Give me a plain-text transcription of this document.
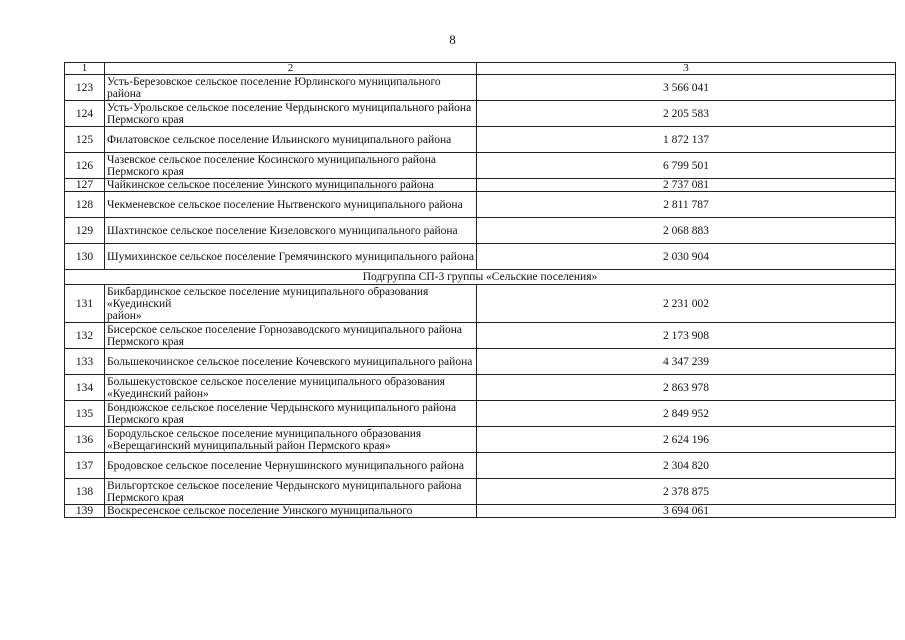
8
1	2	3
123	Усть-Березовское сельское поселение Юрлинского муниципального района	3 566 041
124	Усть-Урольское сельское поселение Чердынского муниципального района Пермского края	2 205 583
125	Филатовское сельское поселение Ильинского муниципального района	1 872 137
126	Чазевское сельское поселение Косинского муниципального района Пермского края	6 799 501
127	Чайкинское сельское поселение Уинского муниципального района	2 737 081
128	Чекменевское сельское поселение Нытвенского муниципального района	2 811 787
129	Шахтинское сельское поселение Кизеловского муниципального района	2 068 883
130	Шумихинское сельское поселение Гремячинского муниципального района	2 030 904
Подгруппа СП-3 группы «Сельские поселения»		
131	Бикбардинское сельское поселение муниципального образования «Куединский
район»	2 231 002
132	Бисерское сельское поселение Горнозаводского муниципального района Пермского края	2 173 908
133	Большекочинское сельское поселение Кочевского муниципального района	4 347 239
134	Большекустовское сельское поселение муниципального образования «Куединский район»	2 863 978
135	Бондюжское сельское поселение Чердынского муниципального района Пермского края	2 849 952
136	Бородульское сельское поселение муниципального образования «Верещагинский муниципальный район Пермского края»	2 624 196
137	Бродовское сельское поселение Чернушинского муниципального района	2 304 820
138	Вильгортское сельское поселение Чердынского муниципального района Пермского края	2 378 875
139	Воскресенское сельское поселение Уинского муниципального	3 694 061
